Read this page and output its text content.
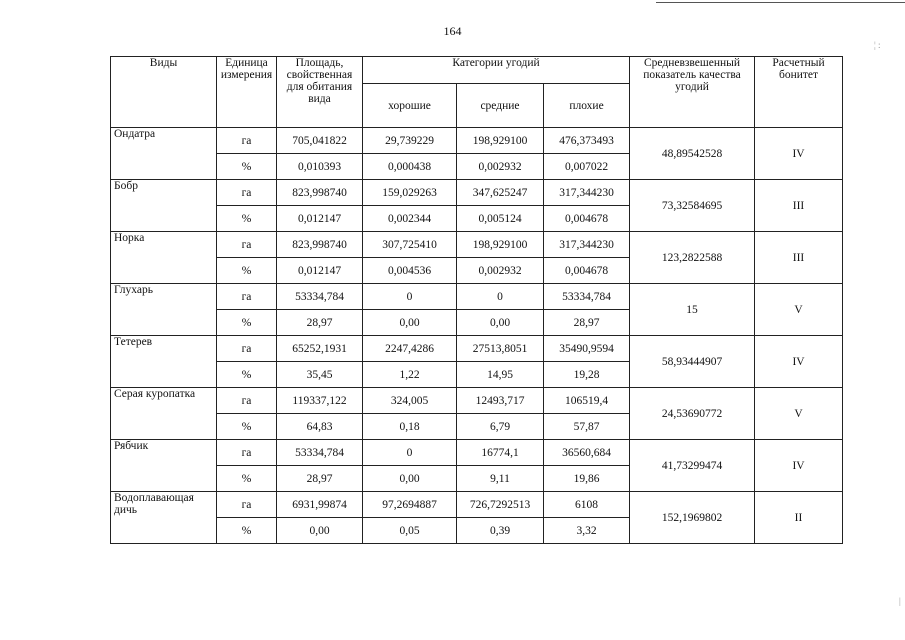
¦ :
|
164
Виды	Единица измерения	Площадь, свойственная для обитания вида	Категории угодий			Средневзвешенный показатель качества угодий	Расчетный бонитет
			хорошие	средние	плохие		
Ондатра	га	705,041822	29,739229	198,929100	476,373493	48,89542528	IV
	%	0,010393	0,000438	0,002932	0,007022		
Бобр	га	823,998740	159,029263	347,625247	317,344230	73,32584695	III
	%	0,012147	0,002344	0,005124	0,004678		
Норка	га	823,998740	307,725410	198,929100	317,344230	123,2822588	III
	%	0,012147	0,004536	0,002932	0,004678		
Глухарь	га	53334,784	0	0	53334,784	15	V
	%	28,97	0,00	0,00	28,97		
Тетерев	га	65252,1931	2247,4286	27513,8051	35490,9594	58,93444907	IV
	%	35,45	1,22	14,95	19,28		
Серая куропатка	га	119337,122	324,005	12493,717	106519,4	24,53690772	V
	%	64,83	0,18	6,79	57,87		
Рябчик	га	53334,784	0	16774,1	36560,684	41,73299474	IV
	%	28,97	0,00	9,11	19,86		
Водоплавающая дичь	га	6931,99874	97,2694887	726,7292513	6108	152,1969802	II
	%	0,00	0,05	0,39	3,32		
